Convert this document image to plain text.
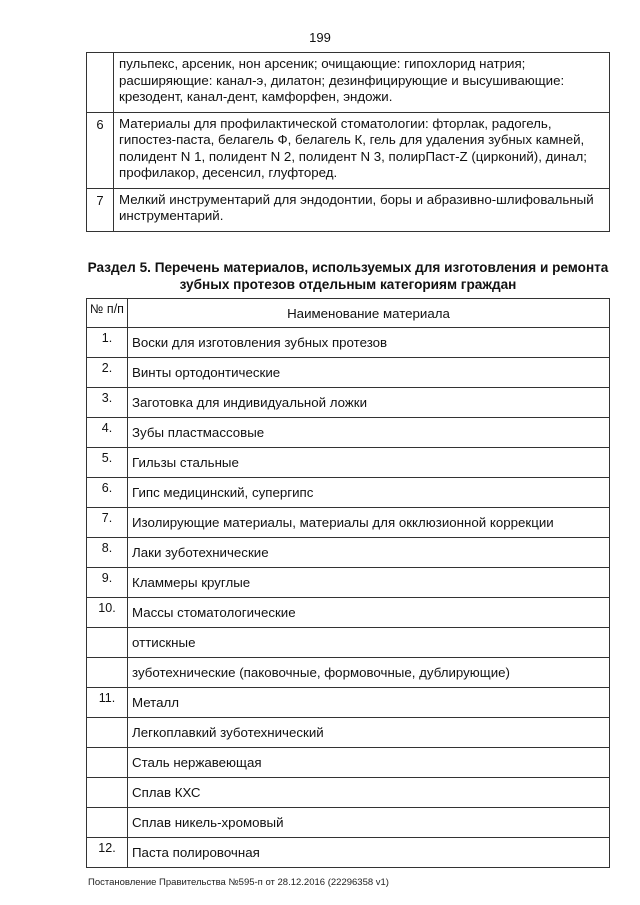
199
	пульпекс, арсеник, нон арсеник; очищающие: гипохлорид натрия; расширяющие: канал-э, дилатон; дезинфицирующие и высушивающие: крезодент, канал-дент, камфорфен, эндожи.
6	Материалы для профилактической стоматологии: фторлак, радогель, гипостез-паста, белагель Ф, белагель К, гель для удаления зубных камней, полидент N 1, полидент N 2, полидент N 3, полирПаст-Z (цирконий), динал; профилакор, десенсил, глуфторед.
7	Мелкий инструментарий для эндодонтии, боры и абразивно-шлифовальный инструментарий.
Раздел 5. Перечень материалов, используемых для изготовления и ремонта зубных протезов отдельным категориям граждан
№ п/п	Наименование материала
1.	Воски для изготовления зубных протезов
2.	Винты ортодонтические
3.	Заготовка для индивидуальной ложки
4.	Зубы пластмассовые
5.	Гильзы стальные
6.	Гипс медицинский, супергипс
7.	Изолирующие материалы, материалы для окклюзионной коррекции
8.	Лаки зуботехнические
9.	Кламмеры круглые
10.	Массы стоматологические
	оттискные
	зуботехнические (паковочные, формовочные, дублирующие)
11.	Металл
	Легкоплавкий зуботехнический
	Сталь нержавеющая
	Сплав КХС
	Сплав никель-хромовый
12.	Паста полировочная
Постановление Правительства №595-п от 28.12.2016 (22296358 v1)
